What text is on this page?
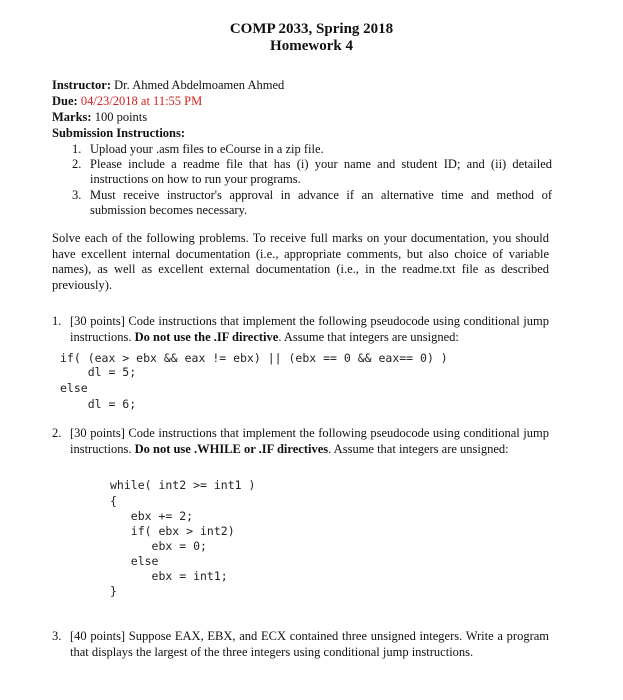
COMP 2033, Spring 2018
Homework 4
Instructor: Dr. Ahmed Abdelmoamen Ahmed
Due: 04/23/2018 at 11:55 PM
Marks: 100 points
Submission Instructions:
1. Upload your .asm files to eCourse in a zip file.
2. Please include a readme file that has (i) your name and student ID; and (ii) detailed instructions on how to run your programs.
3. Must receive instructor's approval in advance if an alternative time and method of submission becomes necessary.
Solve each of the following problems. To receive full marks on your documentation, you should have excellent internal documentation (i.e., appropriate comments, but also choice of variable names), as well as excellent external documentation (i.e., in the readme.txt file as described previously).
1. [30 points] Code instructions that implement the following pseudocode using conditional jump instructions. Do not use the .IF directive. Assume that integers are unsigned:
if( (eax > ebx && eax != ebx) || (ebx == 0 && eax== 0) )
dl = 5;
else
dl = 6;
2. [30 points] Code instructions that implement the following pseudocode using conditional jump instructions. Do not use .WHILE or .IF directives. Assume that integers are unsigned:
while( int2 >= int1 )
{
ebx += 2;
if( ebx > int2)
ebx = 0;
else
ebx = int1;
}
3. [40 points] Suppose EAX, EBX, and ECX contained three unsigned integers. Write a program that displays the largest of the three integers using conditional jump instructions.
